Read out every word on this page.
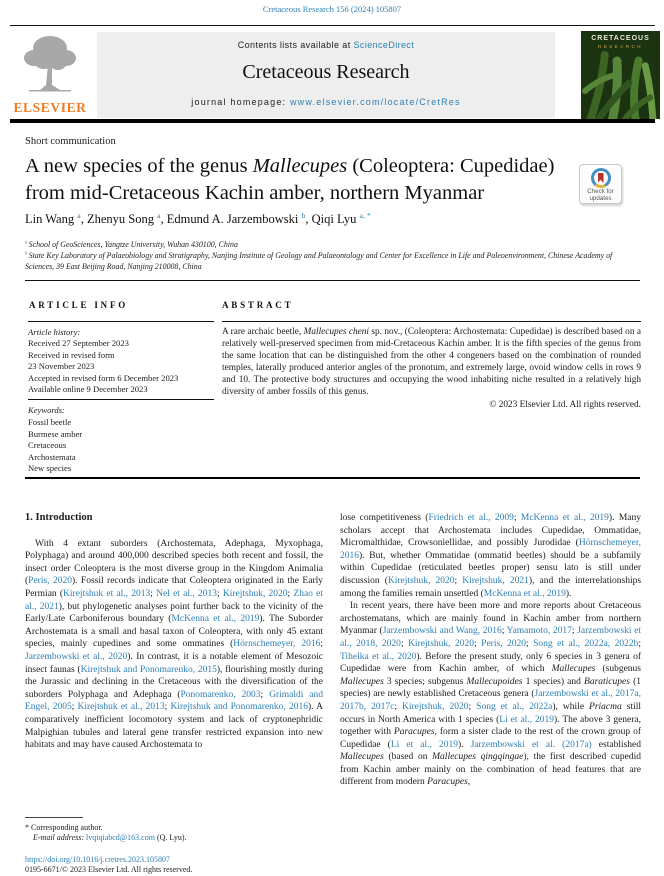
Cretaceous Research 156 (2024) 105807
ELSEVIER
Contents lists available at ScienceDirect
Cretaceous Research
journal homepage: www.elsevier.com/locate/CretRes
CRETACEOUS
RESEARCH
Short communication
A new species of the genus Mallecupes (Coleoptera: Cupedidae) from mid-Cretaceous Kachin amber, northern Myanmar	Check for
updates
Lin Wang $^a$, Zhenyu Song $^a$, Edmund A. Jarzembowski $^b$, Qiqi Lyu $^{a, *}$
$^a$ School of GeoSciences, Yangtze University, Wuhan 430100, China
$^b$ State Key Laboratory of Palaeobiology and Stratigraphy, Nanjing Institute of Geology and Palaeontology and Center for Excellence in Life and Paleoenvironment, Chinese Academy of Sciences, 39 East Beijing Road, Nanjing 210008, China
ARTICLE INFO
Article history:
Received 27 September 2023
Received in revised form
23 November 2023
Accepted in revised form 6 December 2023
Available online 9 December 2023
Keywords:
Fossil beetle
Burmese amber
Cretaceous
Archostemata
New species
ABSTRACT
A rare archaic beetle, Mallecupes cheni sp. nov., (Coleoptera: Archostemata: Cupedidae) is described based on a relatively well-preserved specimen from mid-Cretaceous Kachin amber. It is the fifth species of the genus from the same location that can be distinguished from the other 4 congeners based on the combination of rounded temples, laterally produced anterior angles of the pronotum, and extremely large, ovoid window cells in rows 9 and 10. The protective body structures and occupying the wood inhabiting niche resulted in a relatively high diversity of amber fossils of this genus.
© 2023 Elsevier Ltd. All rights reserved.
1. Introduction

With 4 extant suborders (Archostemata, Adephaga, Myxophaga, Polyphaga) and around 400,000 described species both recent and fossil, the insect order Coleoptera is the most diverse group in the Kingdom Animalia (Peris, 2020). Fossil records indicate that Coleoptera originated in the Early Permian (Kirejtshuk et al., 2013; Nel et al., 2013; Kirejtshuk, 2020; Zhao et al., 2021), but phylogenetic analyses point further back to the vicinity of the Early/Late Carboniferous boundary (McKenna et al., 2019). The Suborder Archostemata is a small and basal taxon of Coleoptera, with only 45 extant species, mainly cupedines and some ommatines (Hörnschemeyer, 2016; Jarzembowski et al., 2020). In contrast, it is a notable element of Mesozoic insect faunas (Kirejtshuk and Ponomarenko, 2015), flourishing mostly during the Jurassic and declining in the Cretaceous with the diversification of the suborders Polyphaga and Adephaga (Ponomarenko, 2003; Grimaldi and Engel, 2005; Kirejtshuk et al., 2013; Kirejtshuk and Ponomarenko, 2016). A comparatively inefficient locomotory system and lack of cryptonephridic Malpighian tubules and lateral gene transfer restricted expansion into new habitats and may have caused Archostemata to

lose competitiveness (Friedrich et al., 2009; McKenna et al., 2019). Many scholars accept that Archostemata includes Cupedidae, Ommatidae, Micromalthidae, Crowsoniellidae, and possibly Jurodidae (Hörnschemeyer, 2016). But, whether Ommatidae (ommatid beetles) should be a subfamily within Cupedidae (reticulated beetles proper) sensu lato is still under discussion (Kirejtshuk, 2020; Kirejtshuk, 2021), and the interrelationships among the families remain unsettled (McKenna et al., 2019).

In recent years, there have been more and more reports about Cretaceous archostematans, which are mainly found in Kachin amber from northern Myanmar (Jarzembowski and Wang, 2016; Yamamoto, 2017; Jarzembowski et al., 2018, 2020; Kirejtshuk, 2020; Peris, 2020; Song et al., 2022a, 2022b; Tihelka et al., 2020). Before the present study, only 6 species in 3 genera of Cupedidae were from Kachin amber, of which Mallecupes (subgenus Mallecupes 3 species; subgenus Mallecupoides 1 species) and Baraticupes (1 species) are newly established Cretaceous genera (Jarzembowski et al., 2017a, 2017b, 2017c; Kirejtshuk, 2020; Song et al., 2022a), while Priacma still occurs in North America with 1 species (Li et al., 2019). The above 3 genera, together with Paracupes, form a sister clade to the rest of the crown group of Cupedidae (Li et al., 2019). Jarzembowski et al. (2017a) established Mallecupes (based on Mallecupes qingqingae), the first described cupedid from Kachin amber mainly on the combination of head features that are different from modern Paracupes,

* Corresponding author.
E-mail address: lvqiqiabcd@163.com (Q. Lyu).
https://doi.org/10.1016/j.cretres.2023.105807
0195-6671/© 2023 Elsevier Ltd. All rights reserved.
